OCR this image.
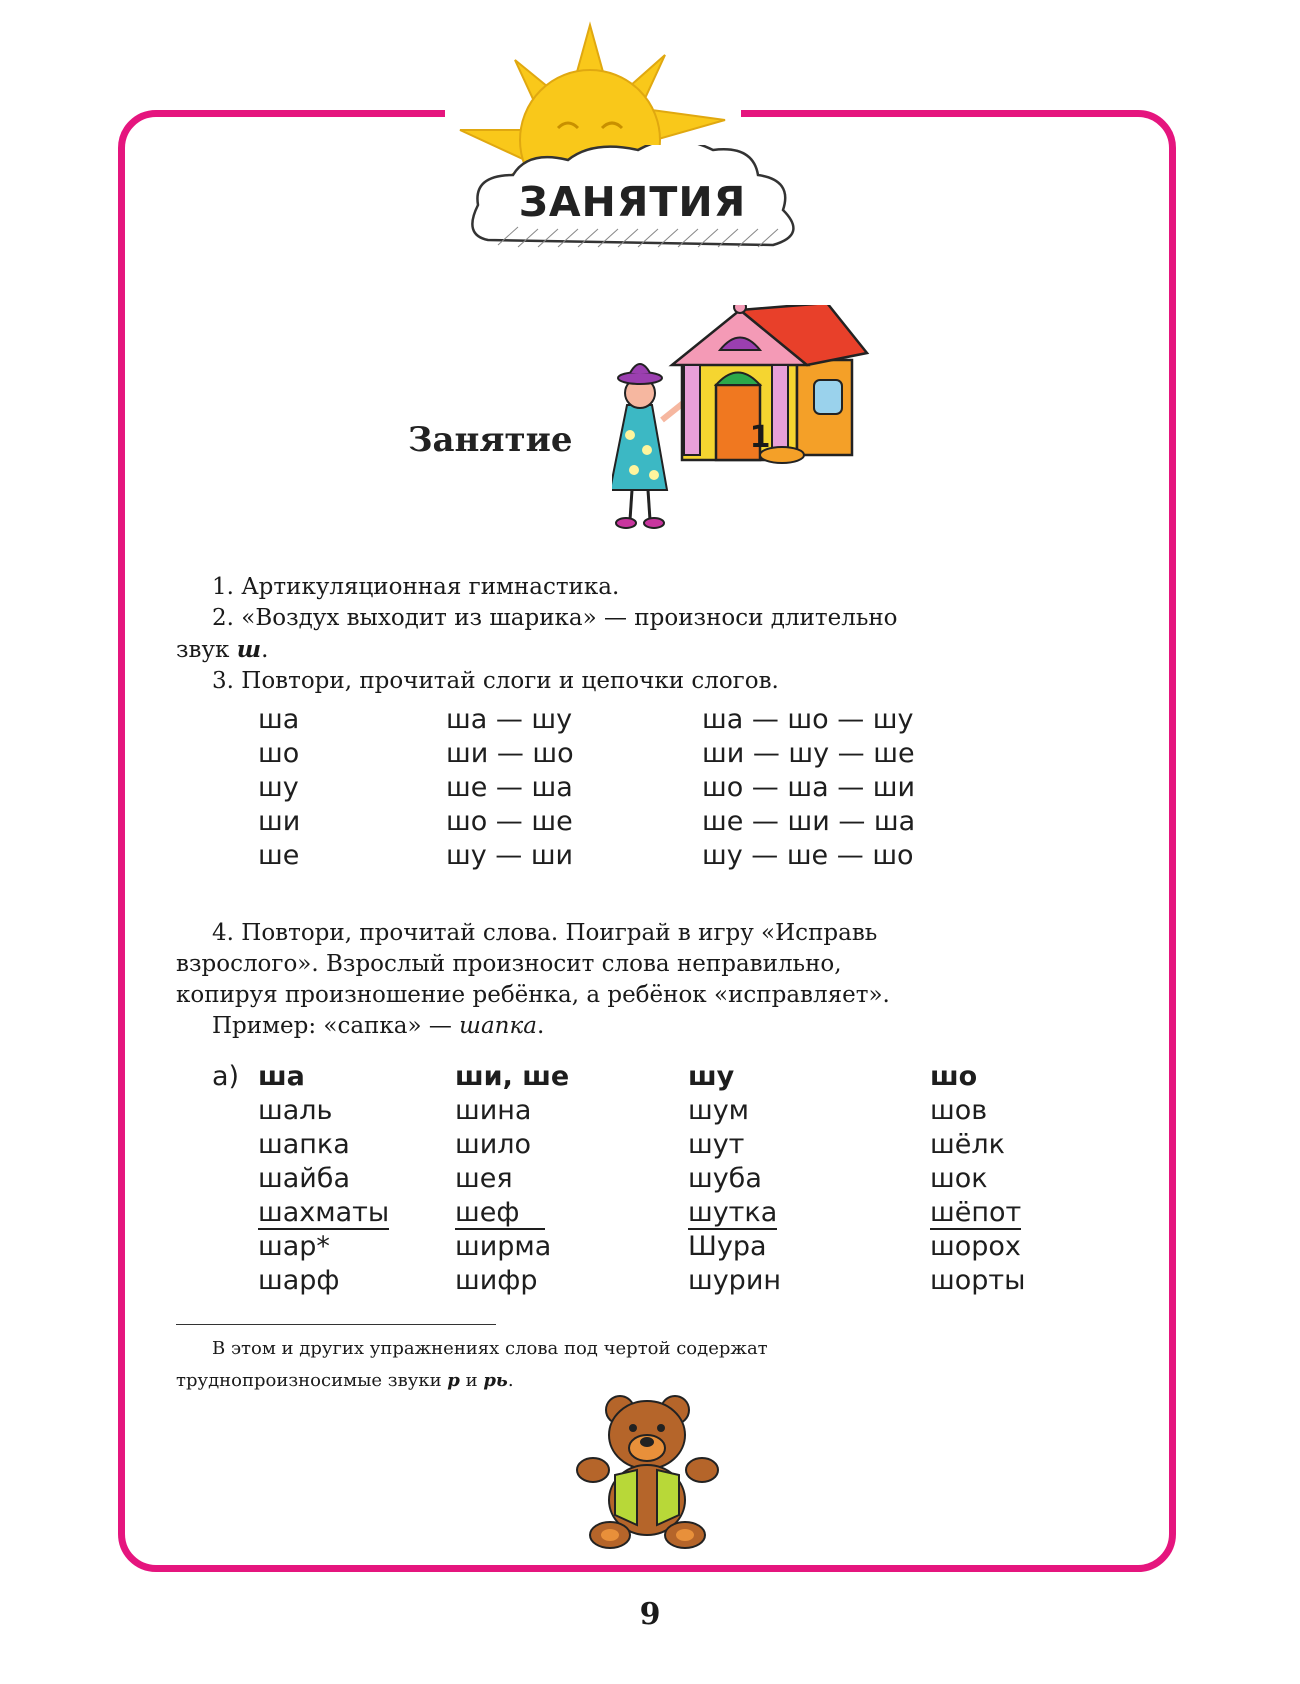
ЗАНЯТИЯ
Занятие	1

1. Артикуляционная гимнастика.

2. «Воздух выходит из шарика» — произноси длительно

звук ш.

3. Повтори, прочитай слоги и цепочки слогов.

ша
шо
шу
ши
ше
ша — шу
ши — шо
ше — ша
шо — ше
шу — ши
ша — шо — шу
ши — шу — ше
шо — ша — ши
ше — ши — ша
шу — ше — шо

4. Повтори, прочитай слова. Поиграй в игру «Исправь

взрослого». Взрослый произносит слова неправильно,

копируя произношение ребёнка, а ребёнок «исправляет».

Пример: «сапка» — шапка.

а) ша
шаль
шапка
шайба
шахматы
шар*
шарф
ши, ше
шина
шило
шея
шеф
ширма
шифр
шу
шум
шут
шуба
шутка
Шура
шурин
шо
шов
шёлк
шок
шёпот
шорох
шорты
В этом и других упражнениях слова под чертой содержат
труднопроизносимые звуки р и рь.
9
